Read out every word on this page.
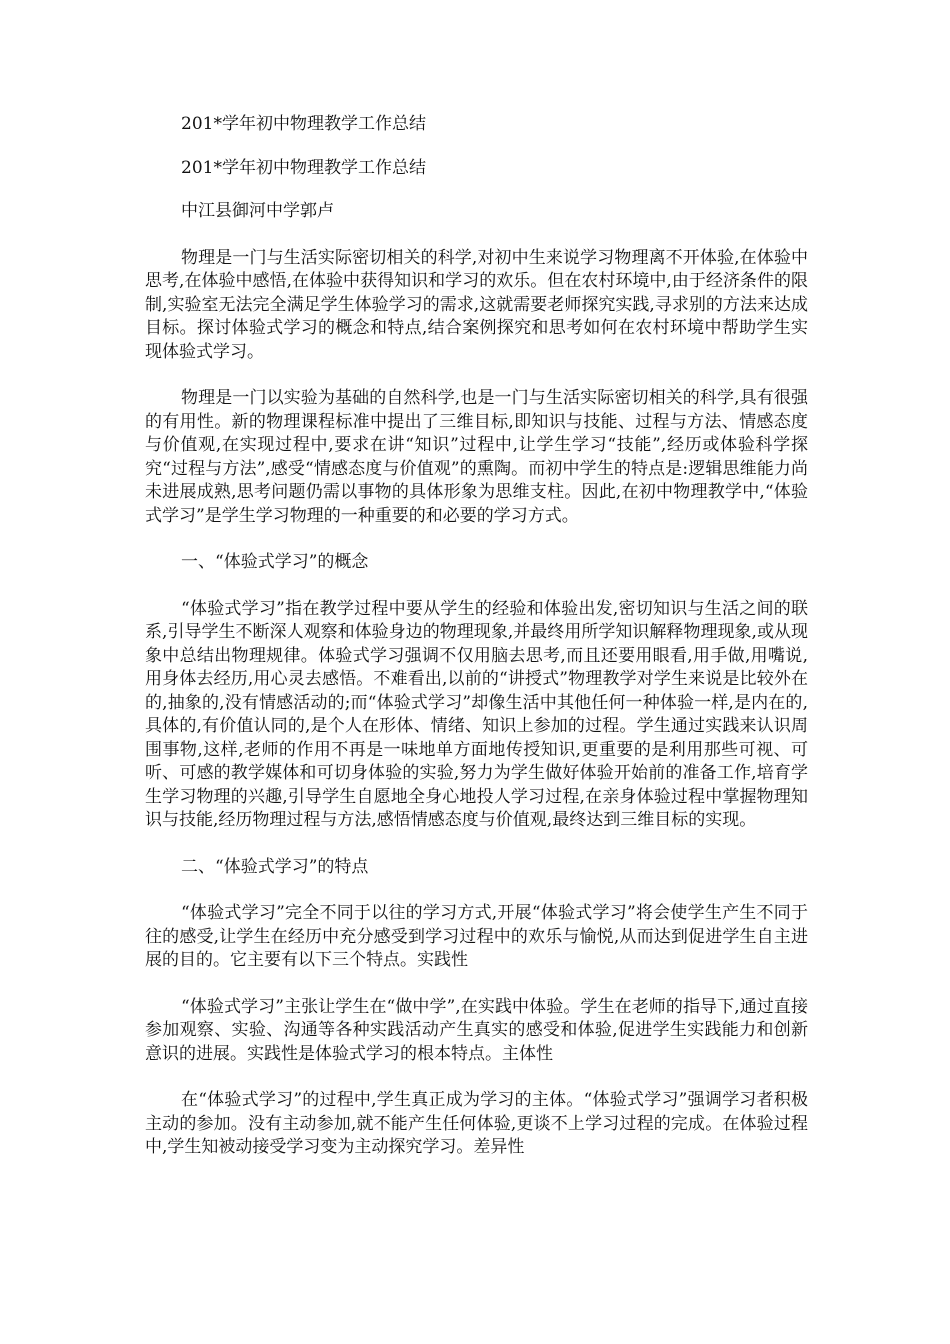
201*学年初中物理教学工作总结

201*学年初中物理教学工作总结

中江县御河中学郭卢

物理是一门与生活实际密切相关的科学,对初中生来说学习物理离不开体验,在体验中思考,在体验中感悟,在体验中获得知识和学习的欢乐。但在农村环境中,由于经济条件的限制,实验室无法完全满足学生体验学习的需求,这就需要老师探究实践,寻求别的方法来达成目标。探讨体验式学习的概念和特点,结合案例探究和思考如何在农村环境中帮助学生实现体验式学习。

物理是一门以实验为基础的自然科学,也是一门与生活实际密切相关的科学,具有很强的有用性。新的物理课程标准中提出了三维目标,即知识与技能、过程与方法、情感态度与价值观,在实现过程中,要求在讲“知识”过程中,让学生学习“技能”,经历或体验科学探究“过程与方法”,感受“情感态度与价值观”的熏陶。而初中学生的特点是:逻辑思维能力尚未进展成熟,思考问题仍需以事物的具体形象为思维支柱。因此,在初中物理教学中,“体验式学习”是学生学习物理的一种重要的和必要的学习方式。

一、“体验式学习”的概念

“体验式学习”指在教学过程中要从学生的经验和体验出发,密切知识与生活之间的联系,引导学生不断深人观察和体验身边的物理现象,并最终用所学知识解释物理现象,或从现象中总结出物理规律。体验式学习强调不仅用脑去思考,而且还要用眼看,用手做,用嘴说,用身体去经历,用心灵去感悟。不难看出,以前的“讲授式”物理教学对学生来说是比较外在的,抽象的,没有情感活动的;而“体验式学习”却像生活中其他任何一种体验一样,是内在的,具体的,有价值认同的,是个人在形体、情绪、知识上参加的过程。学生通过实践来认识周围事物,这样,老师的作用不再是一味地单方面地传授知识,更重要的是利用那些可视、可听、可感的教学媒体和可切身体验的实验,努力为学生做好体验开始前的准备工作,培育学生学习物理的兴趣,引导学生自愿地全身心地投人学习过程,在亲身体验过程中掌握物理知识与技能,经历物理过程与方法,感悟情感态度与价值观,最终达到三维目标的实现。

二、“体验式学习”的特点

“体验式学习”完全不同于以往的学习方式,开展“体验式学习”将会使学生产生不同于往的感受,让学生在经历中充分感受到学习过程中的欢乐与愉悦,从而达到促进学生自主进展的目的。它主要有以下三个特点。实践性

“体验式学习”主张让学生在“做中学”,在实践中体验。学生在老师的指导下,通过直接参加观察、实验、沟通等各种实践活动产生真实的感受和体验,促进学生实践能力和创新意识的进展。实践性是体验式学习的根本特点。主体性

在“体验式学习”的过程中,学生真正成为学习的主体。“体验式学习”强调学习者积极主动的参加。没有主动参加,就不能产生任何体验,更谈不上学习过程的完成。在体验过程中,学生知被动接受学习变为主动探究学习。差异性
